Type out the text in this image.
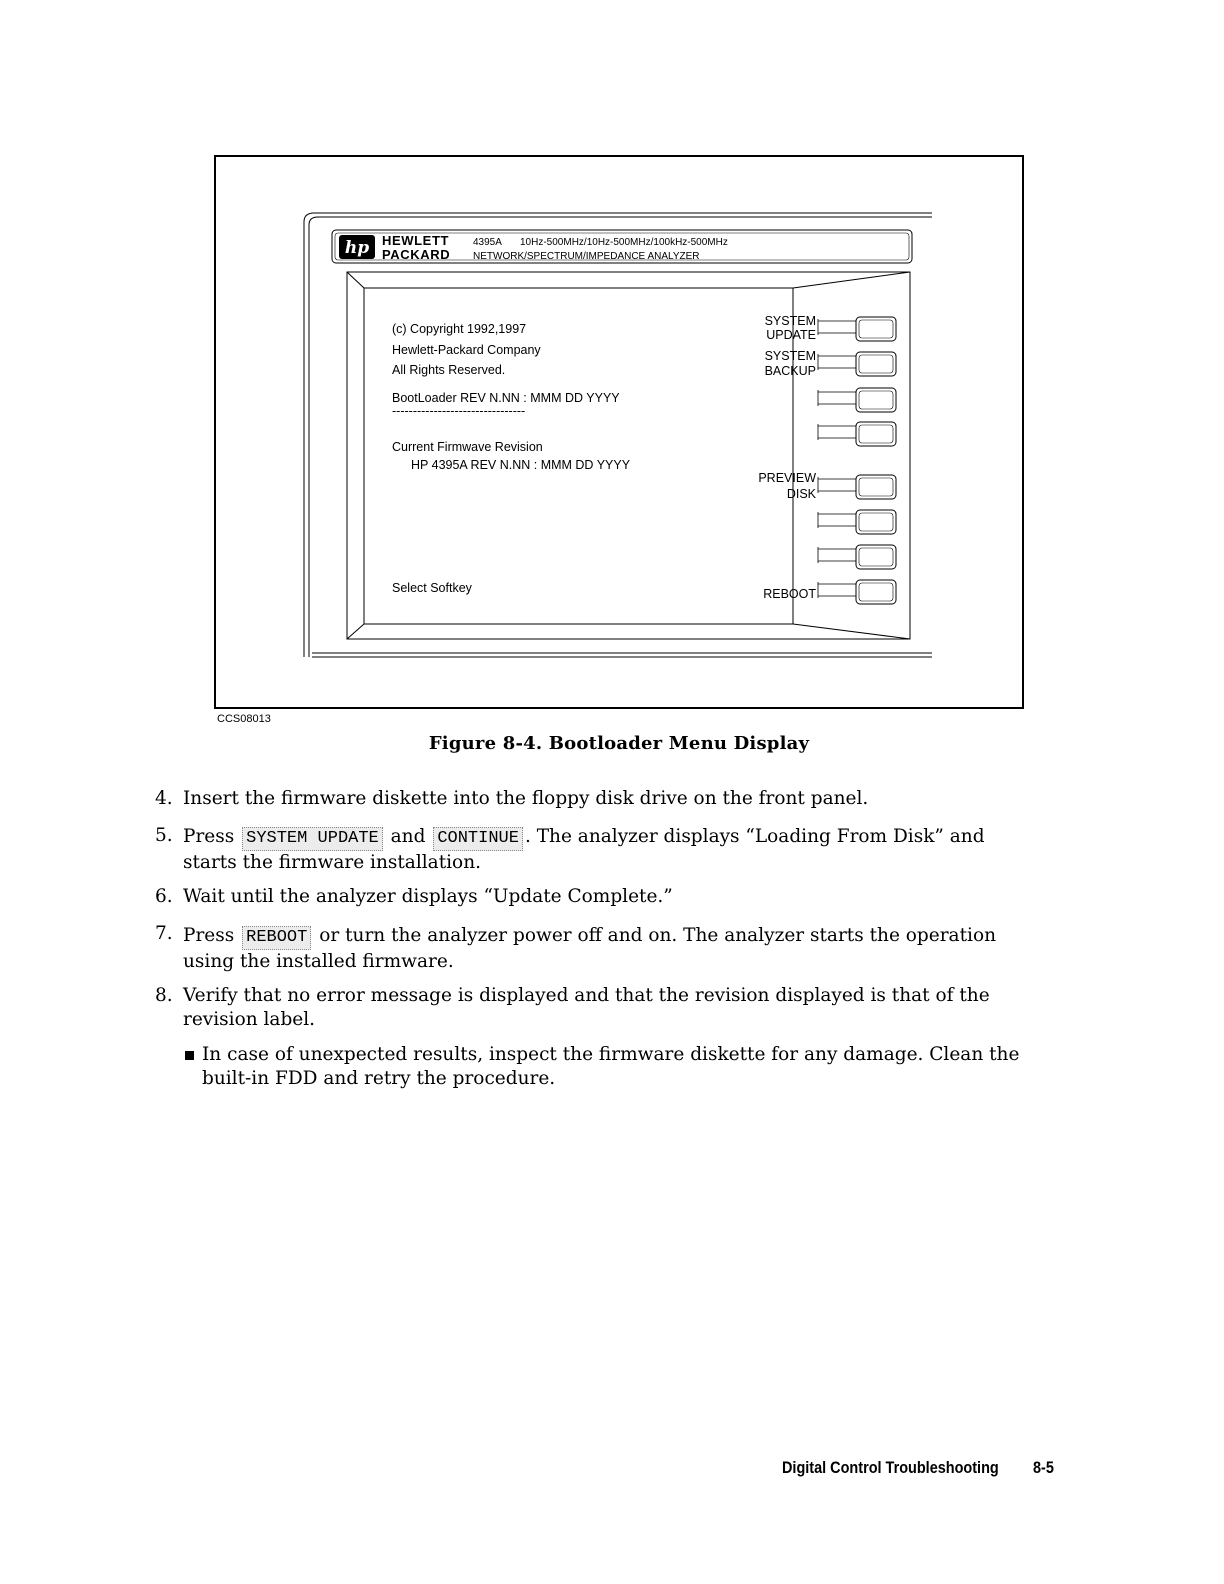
hp HEWLETT
PACKARD
4395A 10Hz-500MHz/10Hz-500MHz/100kHz-500MHz
NETWORK/SPECTRUM/IMPEDANCE ANALYZER
(c) Copyright 1992,1997
Hewlett-Packard Company
All Rights Reserved.
BootLoader REV N.NN : MMM DD YYYY
--------------------------------
Current Firmwave Revision
HP 4395A REV N.NN : MMM DD YYYY
Select Softkey
SYSTEM
UPDATE
SYSTEM
BACKUP
PREVIEW
DISK
REBOOT
CCS08013
Figure 8-4. Bootloader Menu Display
4. Insert the firmware diskette into the floppy disk drive on the front panel.
5. Press SYSTEM UPDATE and CONTINUE . The analyzer displays “Loading From Disk” and starts the firmware installation.
6. Wait until the analyzer displays “Update Complete.”
7. Press REBOOT or turn the analyzer power off and on. The analyzer starts the operation using the installed firmware.
8. Verify that no error message is displayed and that the revision displayed is that of the revision label.
In case of unexpected results, inspect the firmware diskette for any damage. Clean the built-in FDD and retry the procedure.
Digital Control Troubleshooting 8-5
